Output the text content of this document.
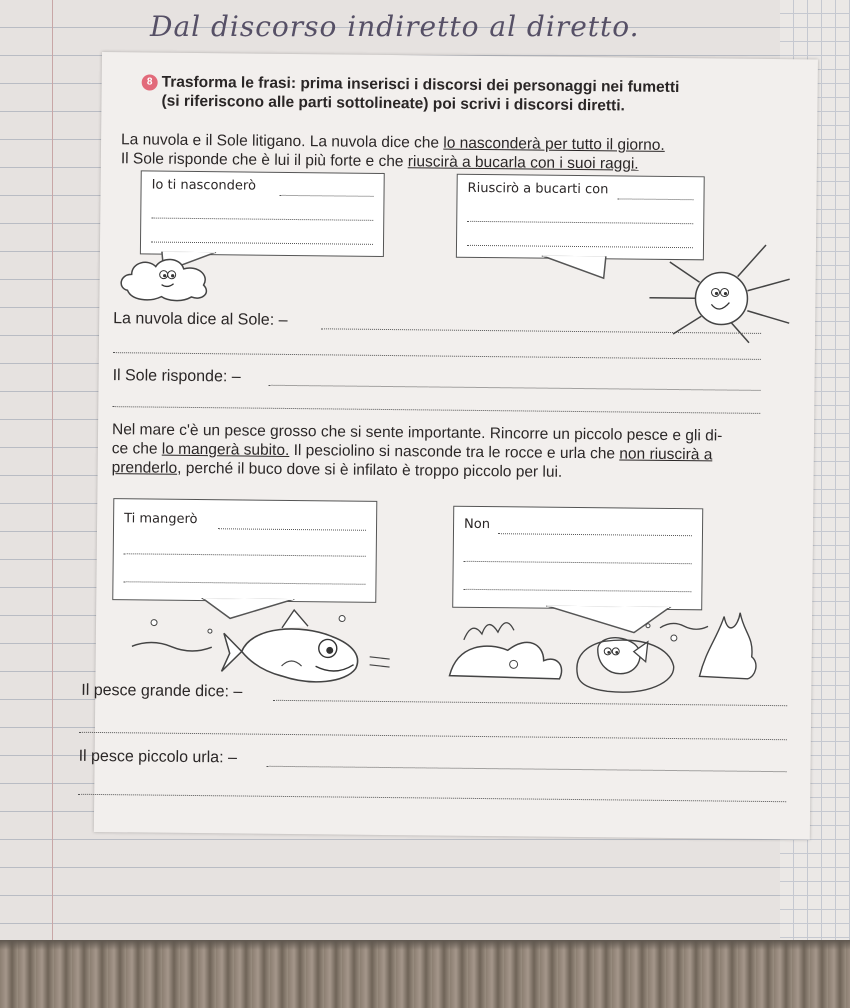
Dal discorso indiretto al diretto.
8 Trasforma le frasi: prima inserisci i discorsi dei personaggi nei fumetti
(si riferiscono alle parti sottolineate) poi scrivi i discorsi diretti.
La nuvola e il Sole litigano. La nuvola dice che lo nasconderà per tutto il giorno.
Il Sole risponde che è lui il più forte e che riuscirà a bucarla con i suoi raggi.
Io ti nasconderò	Riuscirò a bucarti con
La nuvola dice al Sole: –
Il Sole risponde: –
Nel mare c'è un pesce grosso che si sente importante. Rincorre un piccolo pesce e gli di-
ce che lo mangerà subito. Il pesciolino si nasconde tra le rocce e urla che non riuscirà a
prenderlo, perché il buco dove si è infilato è troppo piccolo per lui.
Ti mangerò	Non
Il pesce grande dice: –
Il pesce piccolo urla: –
